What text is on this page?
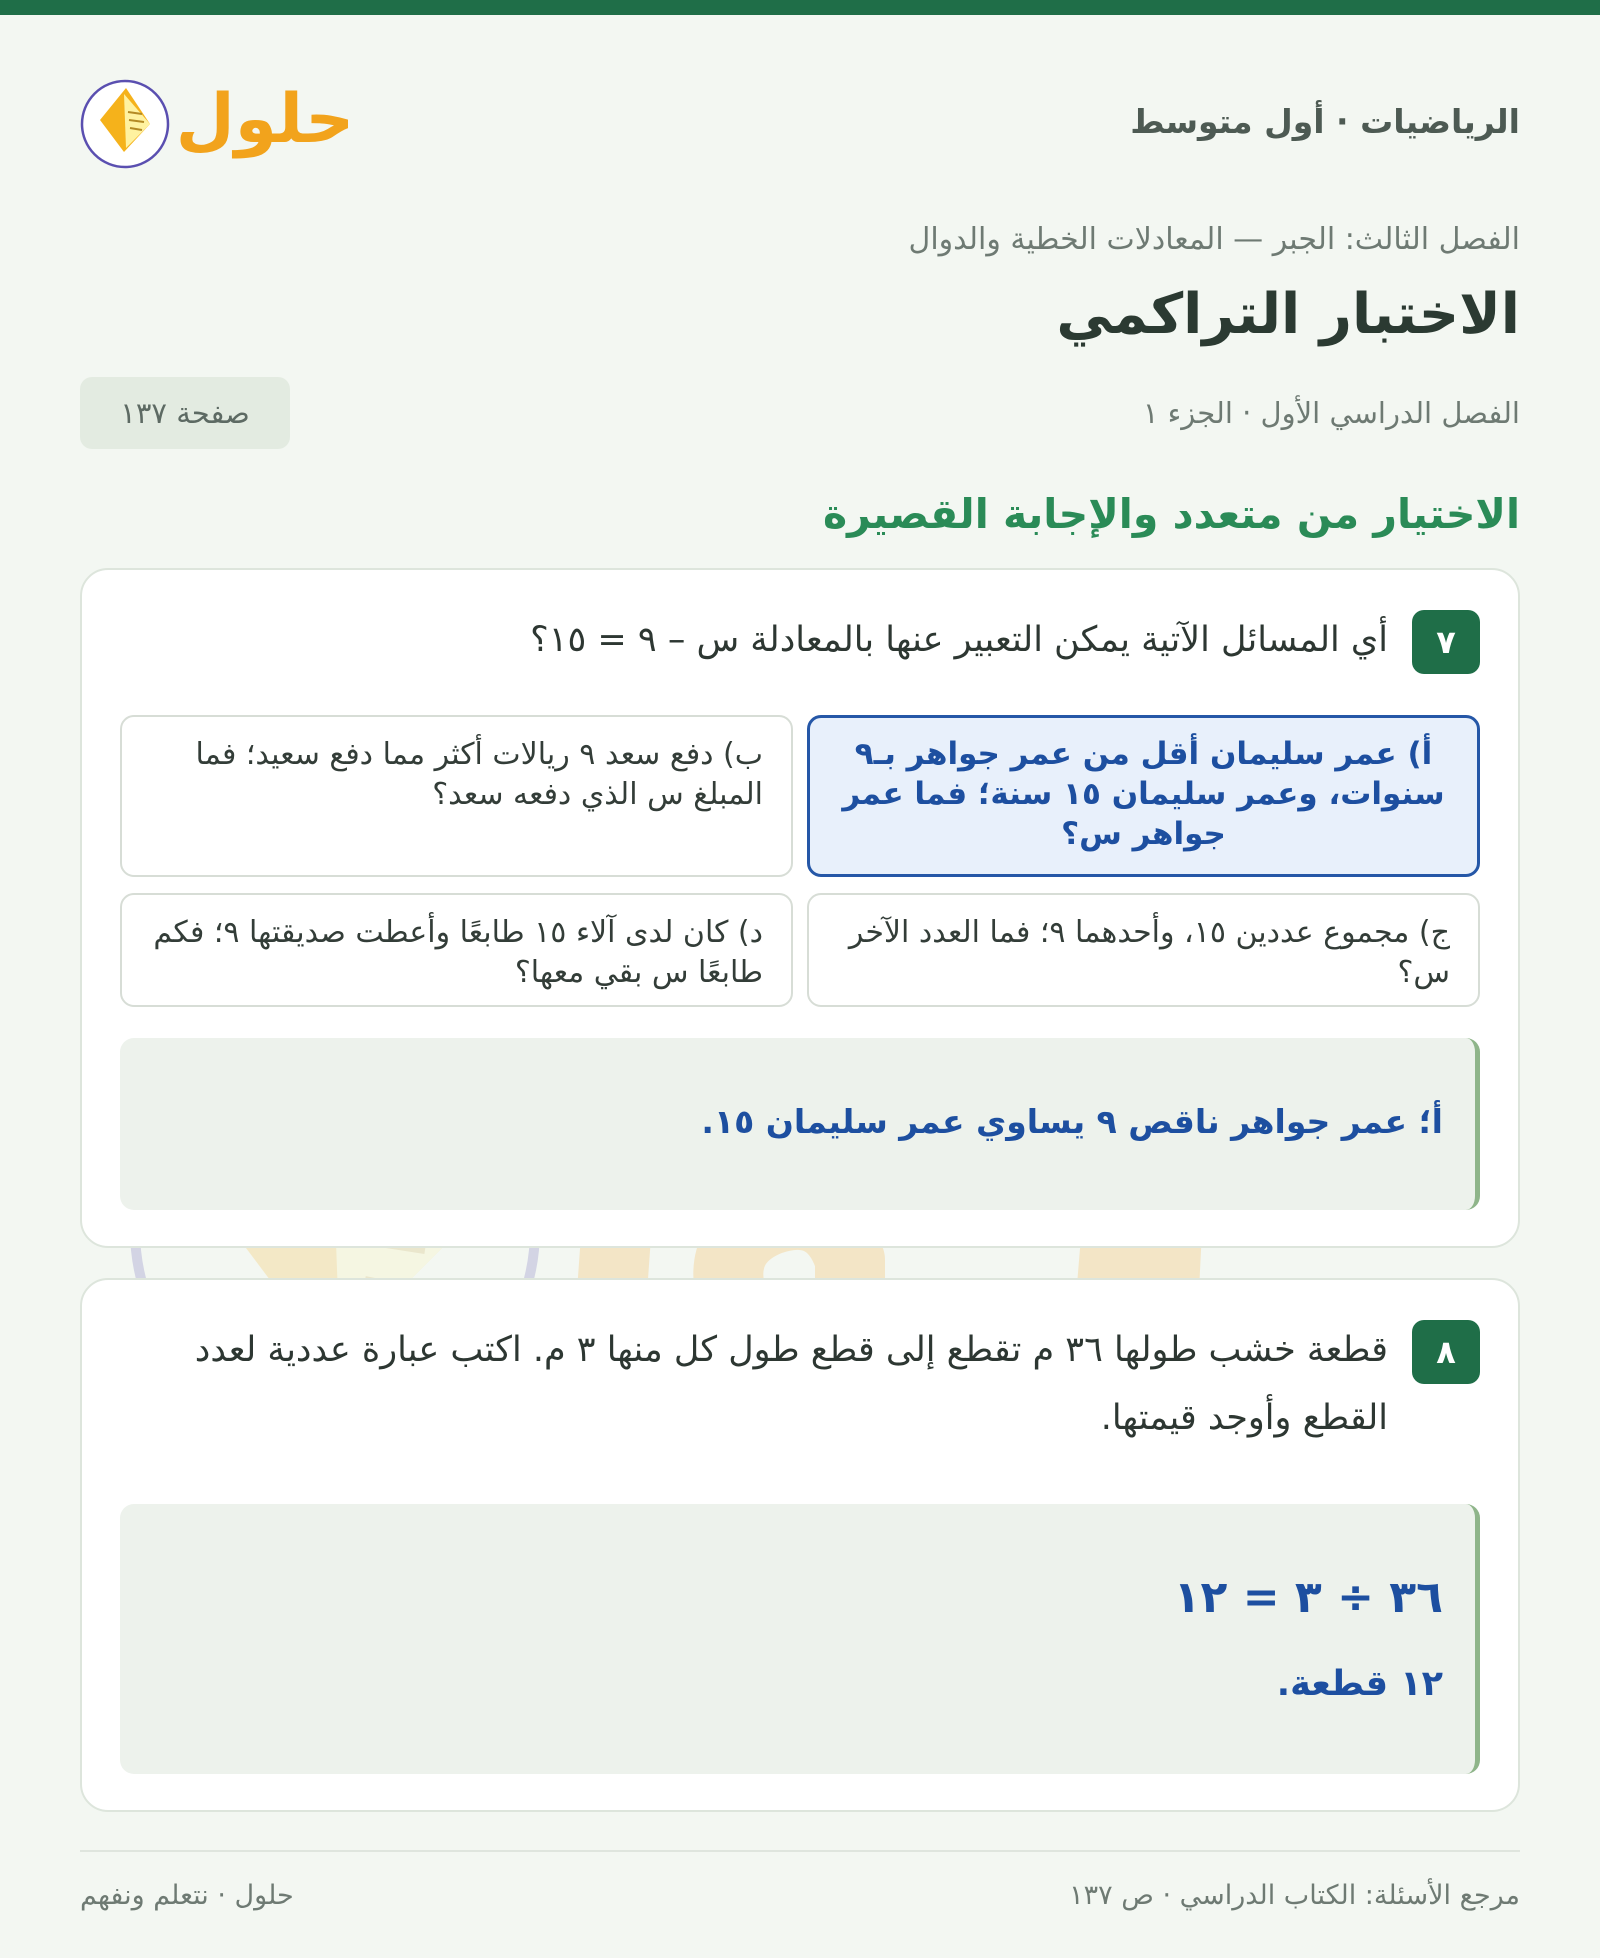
الرياضيات · أول متوسط
حلول
الفصل الثالث: الجبر — المعادلات الخطية والدوال
الاختبار التراكمي
الفصل الدراسي الأول · الجزء ١
صفحة ١٣٧
الاختيار من متعدد والإجابة القصيرة
٧
أي المسائل الآتية يمكن التعبير عنها بالمعادلة س – ٩ = ١٥؟
أ) عمر سليمان أقل من عمر جواهر بـ٩ سنوات، وعمر سليمان ١٥ سنة؛ فما عمر جواهر س؟
ب) دفع سعد ٩ ريالات أكثر مما دفع سعيد؛ فما المبلغ س الذي دفعه سعد؟
ج) مجموع عددين ١٥، وأحدهما ٩؛ فما العدد الآخر س؟
د) كان لدى آلاء ١٥ طابعًا وأعطت صديقتها ٩؛ فكم طابعًا س بقي معها؟
أ؛ عمر جواهر ناقص ٩ يساوي عمر سليمان ١٥.
٨
قطعة خشب طولها ٣٦ م تقطع إلى قطع طول كل منها ٣ م. اكتب عبارة عددية لعدد القطع وأوجد قيمتها.
٣٦ ÷ ٣ = ١٢
١٢ قطعة.
مرجع الأسئلة: الكتاب الدراسي · ص ١٣٧
حلول · نتعلم ونفهم
